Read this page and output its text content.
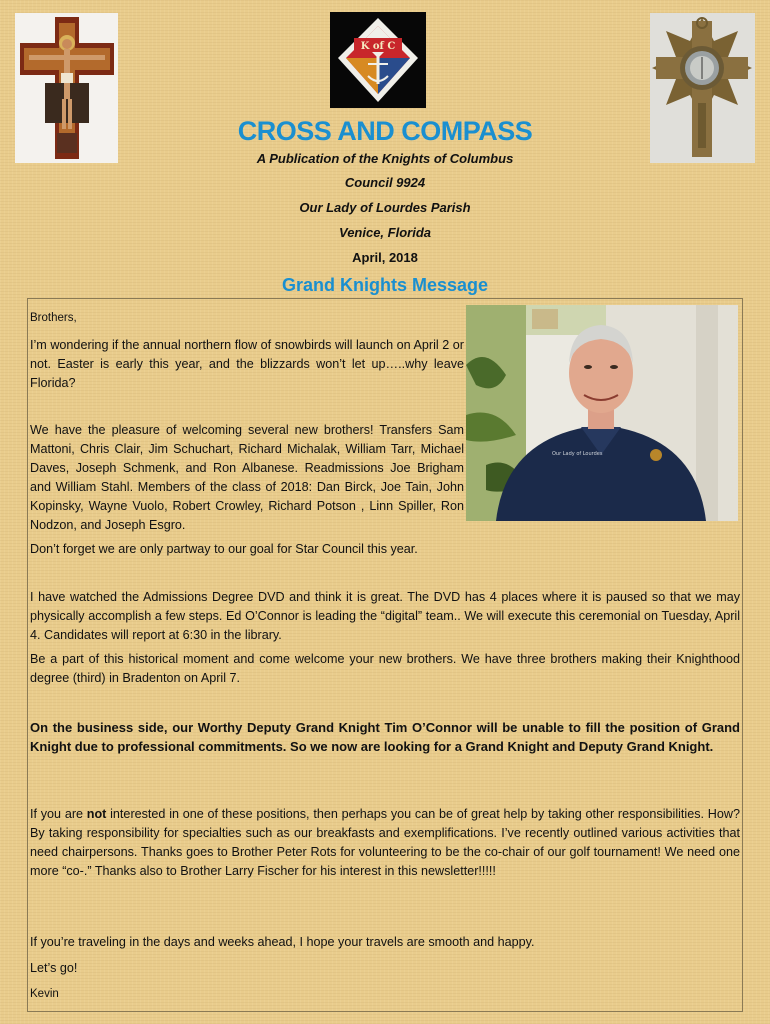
K of C
CROSS AND COMPASS
A Publication of the Knights of Columbus
Council 9924
Our Lady of Lourdes Parish
Venice, Florida
April, 2018
Grand Knights Message
Our Lady of Lourdes

Brothers,

I’m wondering if the annual northern flow of snowbirds will launch on April 2 or not. Easter is early this year, and the blizzards won’t let up…..why leave Florida?

We have the pleasure of welcoming several new brothers! Transfers Sam Mattoni, Chris Clair, Jim Schuchart, Richard Michalak, William Tarr, Michael Daves, Joseph Schmenk, and Ron Albanese. Readmissions Joe Brigham and William Stahl. Members of the class of 2018: Dan Birck, Joe Tain, John Kopinsky, Wayne Vuolo, Robert Crowley, Richard Potson , Linn Spiller, Ron Nodzon, and Joseph Esgro.

Don’t forget we are only partway to our goal for Star Council this year.

I have watched the Admissions Degree DVD and think it is great. The DVD has 4 places where it is paused so that we may physically accomplish a few steps. Ed O’Connor is leading the “digital” team.. We will execute this ceremonial on Tuesday, April 4. Candidates will report at 6:30 in the library.

Be a part of this historical moment and come welcome your new brothers. We have three brothers making their Knighthood degree (third) in Bradenton on April 7.

On the business side, our Worthy Deputy Grand Knight Tim O’Connor will be unable to fill the position of Grand Knight due to professional commitments. So we now are looking for a Grand Knight and Deputy Grand Knight.

If you are not interested in one of these positions, then perhaps you can be of great help by taking other responsibilities. How? By taking responsibility for specialties such as our breakfasts and exemplifications. I’ve recently outlined various activities that need chairpersons. Thanks goes to Brother Peter Rots for volunteering to be the co-chair of our golf tournament! We need one more “co-.” Thanks also to Brother Larry Fischer for his interest in this newsletter!!!!!

If you’re traveling in the days and weeks ahead, I hope your travels are smooth and happy.

Let’s go!

Kevin
